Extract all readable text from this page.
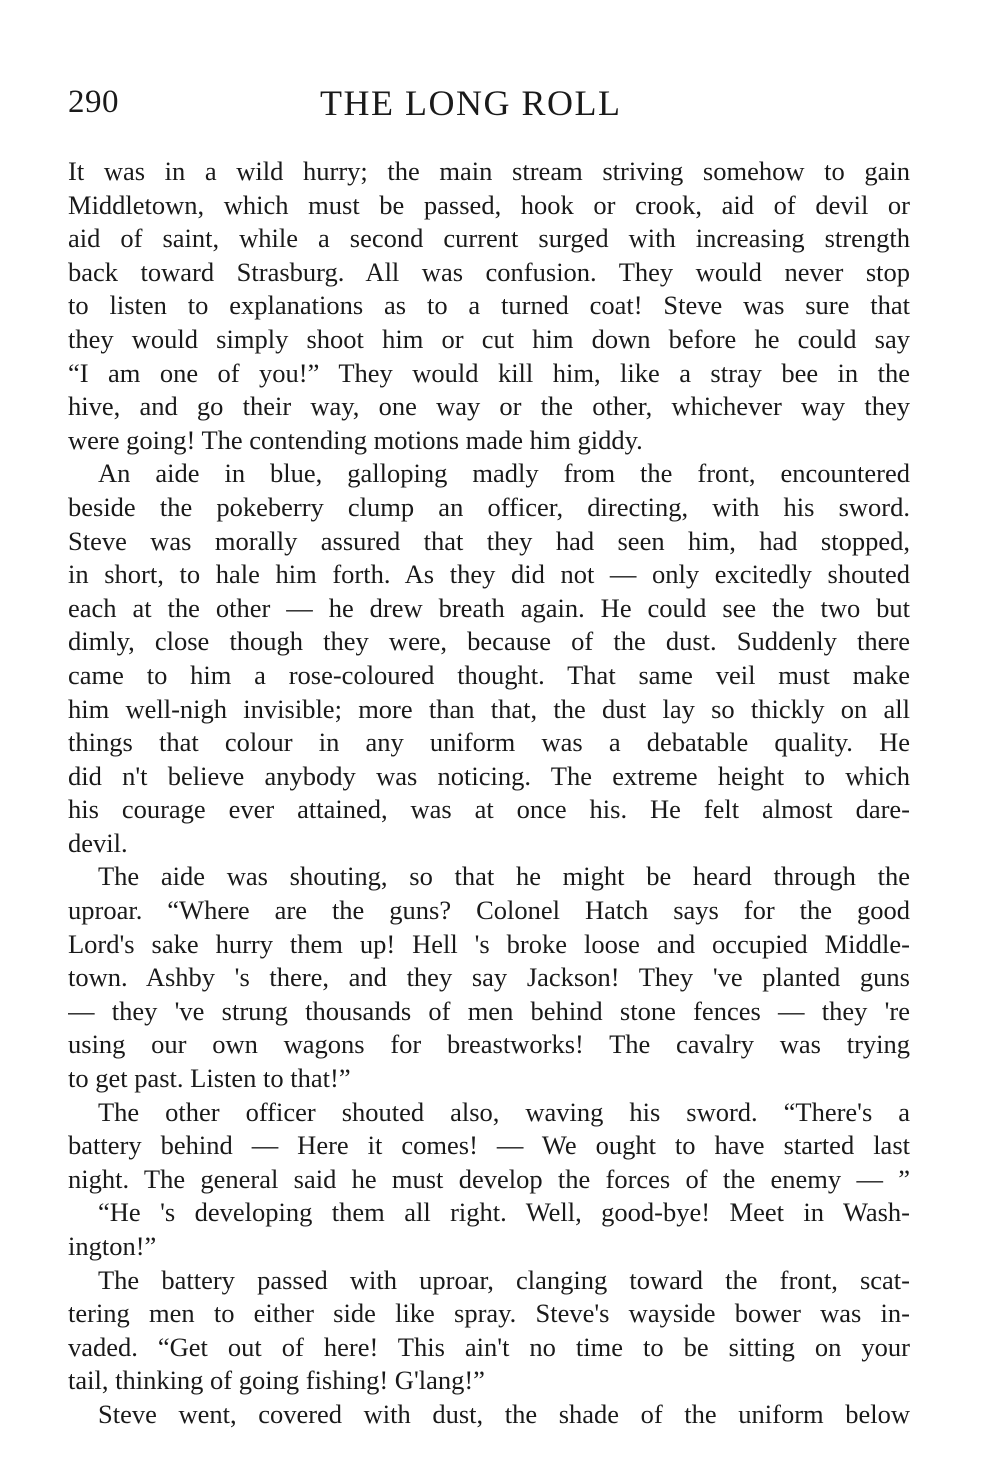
290	THE LONG ROLL
It was in a wild hurry; the main stream striving somehow to gain
Middletown, which must be passed, hook or crook, aid of devil or
aid of saint, while a second current surged with increasing strength
back toward Strasburg. All was confusion. They would never stop
to listen to explanations as to a turned coat! Steve was sure that
they would simply shoot him or cut him down before he could say
“I am one of you!” They would kill him, like a stray bee in the
hive, and go their way, one way or the other, whichever way they
were going! The contending motions made him giddy.
An aide in blue, galloping madly from the front, encountered
beside the pokeberry clump an officer, directing, with his sword.
Steve was morally assured that they had seen him, had stopped,
in short, to hale him forth. As they did not — only excitedly shouted
each at the other — he drew breath again. He could see the two but
dimly, close though they were, because of the dust. Suddenly there
came to him a rose-coloured thought. That same veil must make
him well-nigh invisible; more than that, the dust lay so thickly on all
things that colour in any uniform was a debatable quality. He
did n't believe anybody was noticing. The extreme height to which
his courage ever attained, was at once his. He felt almost dare-
devil.
The aide was shouting, so that he might be heard through the
uproar. “Where are the guns? Colonel Hatch says for the good
Lord's sake hurry them up! Hell 's broke loose and occupied Middle-
town. Ashby 's there, and they say Jackson! They 've planted guns
— they 've strung thousands of men behind stone fences — they 're
using our own wagons for breastworks! The cavalry was trying
to get past. Listen to that!”
The other officer shouted also, waving his sword. “There's a
battery behind — Here it comes! — We ought to have started last
night. The general said he must develop the forces of the enemy — ”
“He 's developing them all right. Well, good-bye! Meet in Wash-
ington!”
The battery passed with uproar, clanging toward the front, scat-
tering men to either side like spray. Steve's wayside bower was in-
vaded. “Get out of here! This ain't no time to be sitting on your
tail, thinking of going fishing! G'lang!”
Steve went, covered with dust, the shade of the uniform below
